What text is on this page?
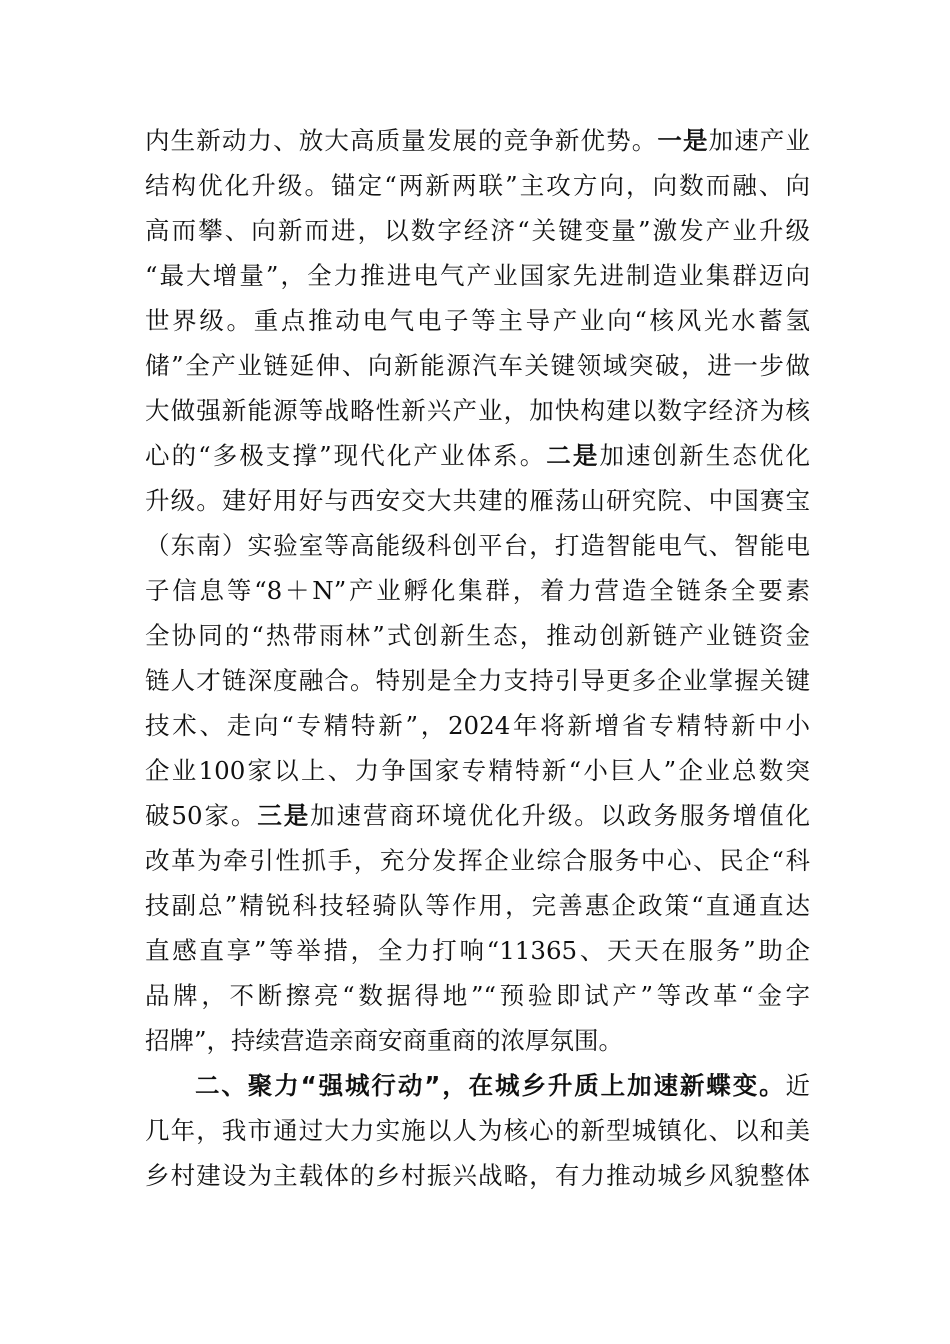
内生新动力、放大高质量发展的竞争新优势。一是加速产业
结构优化升级。锚定“两新两联”主攻方向，向数而融、向
高而攀、向新而进，以数字经济“关键变量”激发产业升级
“最大增量”，全力推进电气产业国家先进制造业集群迈向
世界级。重点推动电气电子等主导产业向“核风光水蓄氢
储”全产业链延伸、向新能源汽车关键领域突破，进一步做
大做强新能源等战略性新兴产业，加快构建以数字经济为核
心的“多极支撑”现代化产业体系。二是加速创新生态优化
升级。建好用好与西安交大共建的雁荡山研究院、中国赛宝
（东南）实验室等高能级科创平台，打造智能电气、智能电
子信息等“8＋N”产业孵化集群，着力营造全链条全要素
全协同的“热带雨林”式创新生态，推动创新链产业链资金
链人才链深度融合。特别是全力支持引导更多企业掌握关键
技术、走向“专精特新”，2024年将新增省专精特新中小
企业100家以上、力争国家专精特新“小巨人”企业总数突
破50家。三是加速营商环境优化升级。以政务服务增值化
改革为牵引性抓手，充分发挥企业综合服务中心、民企“科
技副总”精锐科技轻骑队等作用，完善惠企政策“直通直达
直感直享”等举措，全力打响“11365、天天在服务”助企
品牌，不断擦亮“数据得地”“预验即试产”等改革“金字
招牌”，持续营造亲商安商重商的浓厚氛围。
二、聚力“强城行动”，在城乡升质上加速新蝶变。近
几年，我市通过大力实施以人为核心的新型城镇化、以和美
乡村建设为主载体的乡村振兴战略，有力推动城乡风貌整体
